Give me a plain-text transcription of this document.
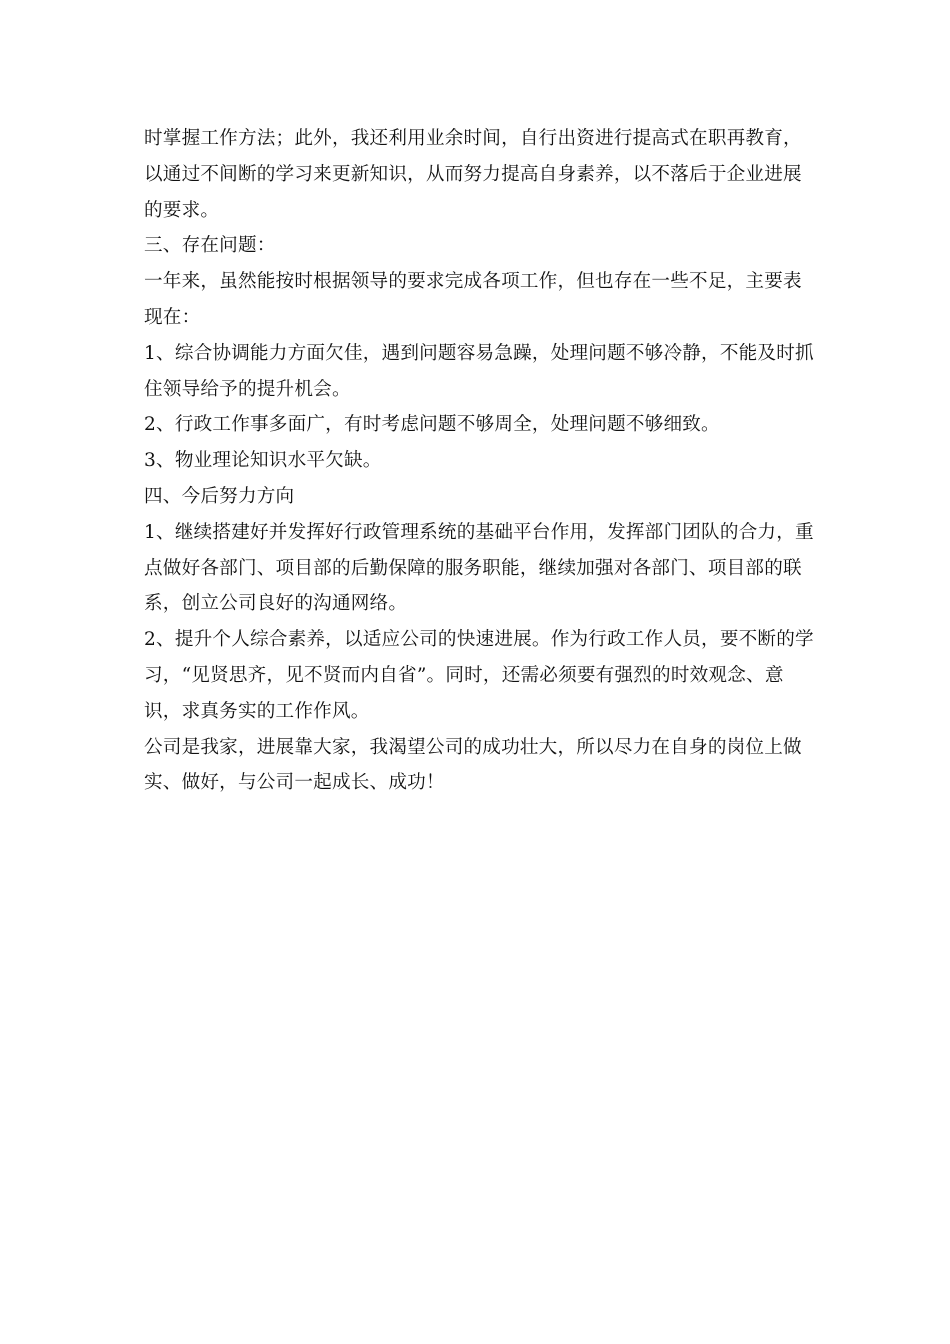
时掌握工作方法；此外，我还利用业余时间，自行出资进行提高式在职再教育，以通过不间断的学习来更新知识，从而努力提高自身素养，以不落后于企业进展的要求。

三、存在问题：

一年来，虽然能按时根据领导的要求完成各项工作，但也存在一些不足，主要表现在：

1、综合协调能力方面欠佳，遇到问题容易急躁，处理问题不够冷静，不能及时抓住领导给予的提升机会。

2、行政工作事多面广，有时考虑问题不够周全，处理问题不够细致。

3、物业理论知识水平欠缺。

四、今后努力方向

1、继续搭建好并发挥好行政管理系统的基础平台作用，发挥部门团队的合力，重点做好各部门、项目部的后勤保障的服务职能，继续加强对各部门、项目部的联系，创立公司良好的沟通网络。

2、提升个人综合素养，以适应公司的快速进展。作为行政工作人员，要不断的学习，“见贤思齐，见不贤而内自省”。同时，还需必须要有强烈的时效观念、意识，求真务实的工作作风。

公司是我家，进展靠大家，我渴望公司的成功壮大，所以尽力在自身的岗位上做实、做好，与公司一起成长、成功！
